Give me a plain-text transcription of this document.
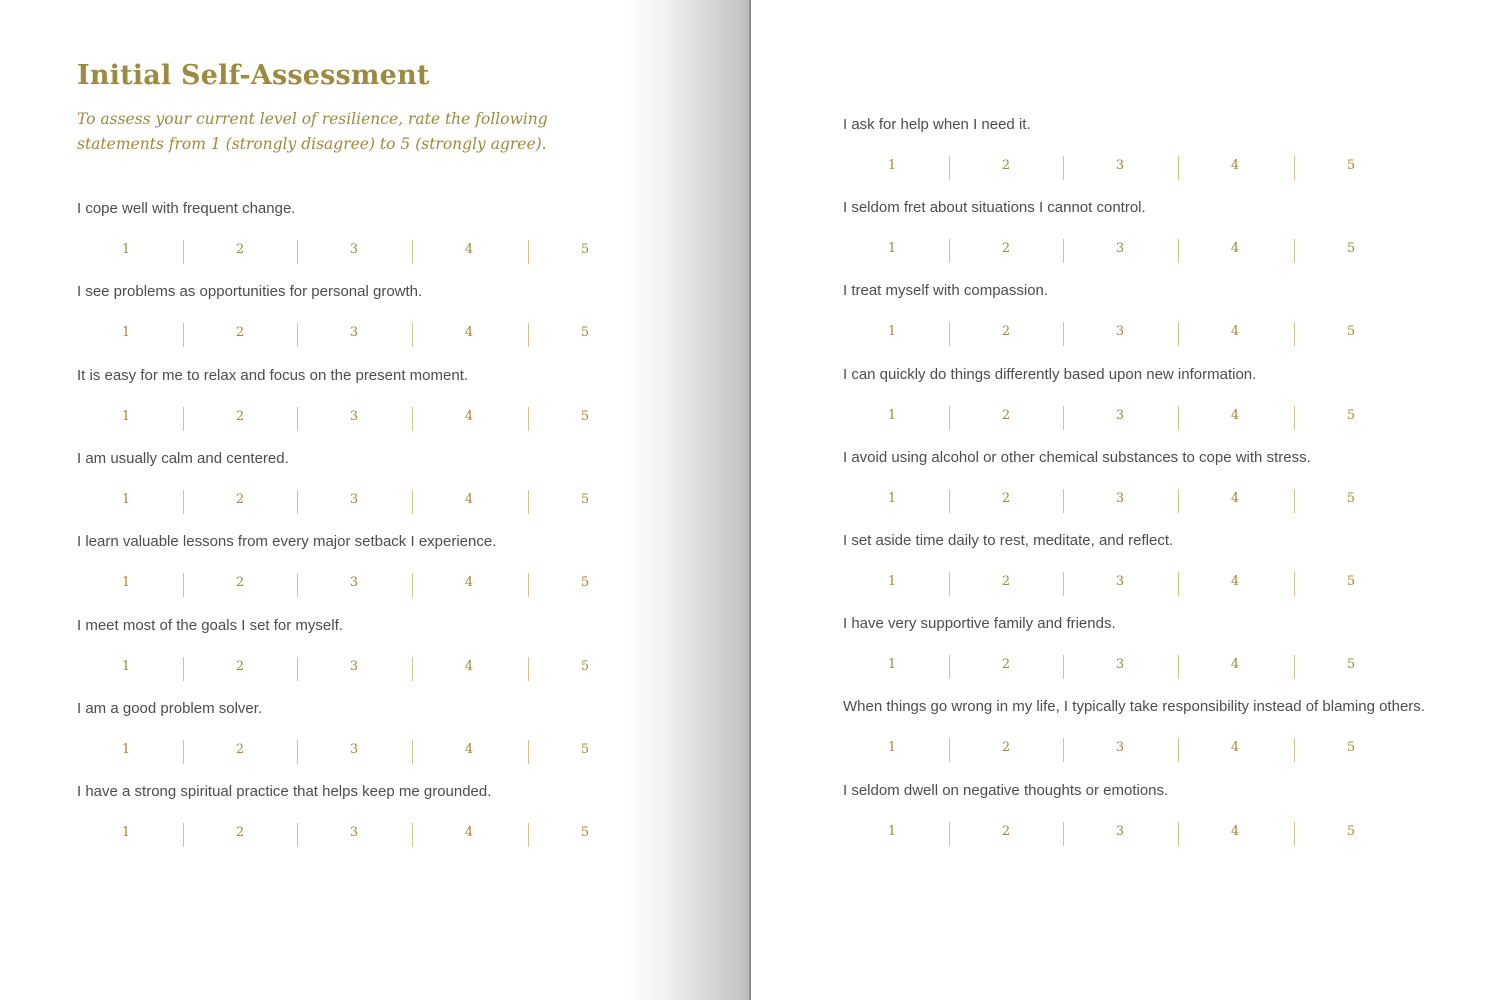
Initial Self-Assessment

To assess your current level of resilience, rate the following statements from 1 (strongly disagree) to 5 (strongly agree).

I cope well with frequent change.
1	2	3	4	5
I see problems as opportunities for personal growth.
1	2	3	4	5
It is easy for me to relax and focus on the present moment.
1	2	3	4	5
I am usually calm and centered.
1	2	3	4	5
I learn valuable lessons from every major setback I experience.
1	2	3	4	5
I meet most of the goals I set for myself.
1	2	3	4	5
I am a good problem solver.
1	2	3	4	5
I have a strong spiritual practice that helps keep me grounded.
1	2	3	4	5
I ask for help when I need it.
1	2	3	4	5
I seldom fret about situations I cannot control.
1	2	3	4	5
I treat myself with compassion.
1	2	3	4	5
I can quickly do things differently based upon new information.
1	2	3	4	5
I avoid using alcohol or other chemical substances to cope with stress.
1	2	3	4	5
I set aside time daily to rest, meditate, and reflect.
1	2	3	4	5
I have very supportive family and friends.
1	2	3	4	5
When things go wrong in my life, I typically take responsibility instead of blaming others.
1	2	3	4	5
I seldom dwell on negative thoughts or emotions.
1	2	3	4	5
